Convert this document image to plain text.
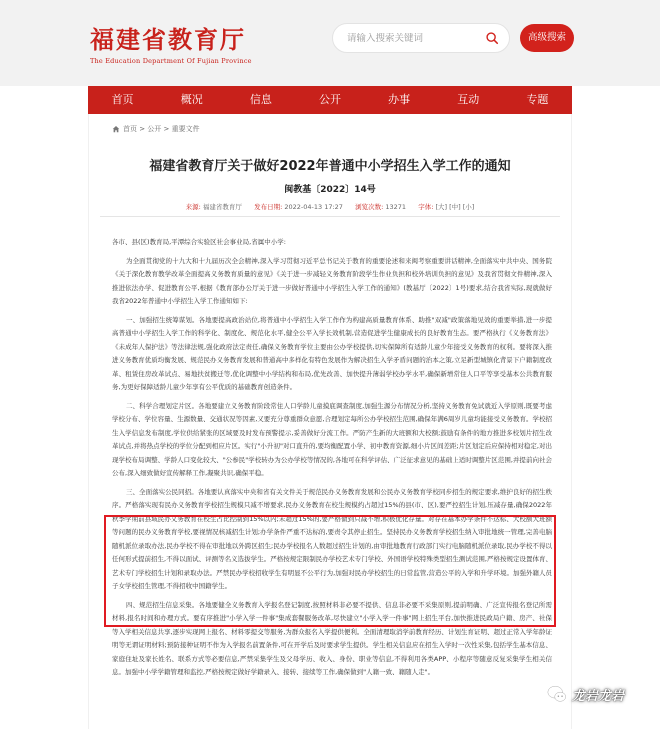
福建省教育厅
The Education Department Of Fujian Province
请输入搜索关键词
高级搜索
首页	概况	信息	公开	办事	互动	专题
首页 > 公开 > 重要文件
福建省教育厅关于做好2022年普通中小学招生入学工作的通知
闽教基〔2022〕14号
来源: 福建省教育厅 发布日期: 2022-04-13 17:27 浏览次数: 13271 字体: [大] [中] [小]

各市、县(区)教育局,平潭综合实验区社会事业局,省属中小学:

为全面贯彻党的十九大和十九届历次全会精神,深入学习贯彻习近平总书记关于教育的重要论述和来闽考察重要讲话精神,全面落实中共中央、国务院《关于深化教育教学改革全面提高义务教育质量的意见》《关于进一步减轻义务教育阶段学生作业负担和校外培训负担的意见》及我省贯彻文件精神,深入推进依法办学、促进教育公平,根据《教育部办公厅关于进一步做好普通中小学招生入学工作的通知》(教基厅〔2022〕1号)要求,结合我省实际,现就做好我省2022年普通中小学招生入学工作通知如下:

一、加强招生统筹谋划。各地要提高政治站位,将普通中小学招生入学工作作为构建高质量教育体系、助推"双减"政策落地见效的重要举措,进一步提高普通中小学招生入学工作的科学化、制度化、规范化水平,健全公平入学长效机制,营造促进学生健康成长的良好教育生态。要严格执行《义务教育法》《未成年人保护法》等法律法规,强化政府法定责任,确保义务教育学位主要由公办学校提供,切实保障所有适龄儿童少年接受义务教育的权利。要将深入推进义务教育优质均衡发展、规范民办义务教育发展和普通高中多样化有特色发展作为解决招生入学矛盾问题的治本之策,立足新型城镇化背景下户籍制度改革、租赁住房改革试点、易地扶贫搬迁等,优化调整中小学结构和布局,优先改善、加快提升薄弱学校办学水平,确保新增常住人口平等享受基本公共教育服务,为更好保障适龄儿童少年享有公平优质的基础教育创造条件。

二、科学合理划定片区。各地要建立义务教育阶段常住人口学龄儿童摸底调查制度,加强生源分布情况分析,坚持义务教育免试就近入学原则,既要考虑学校分布、学位容量、生源数量、交通状况等因素,又要充分尊重群众意愿,合理划定每所公办学校招生范围,确保年满6周岁儿童均能接受义务教育。学校招生入学信息发布制度,学位供给紧张的区域要及时发布预警提示,妥善做好分流工作。严防产生新的大班额和大校额;鼓励有条件的地方推进多校划片招生改革试点,并将热点学校的学位分配到相应片区。实行"小升初"对口直升的,要均衡配置小学、初中教育资源,细小片区间差距;片区划定后应保持相对稳定,对出现学校布局调整、学龄人口变化较大、"公参民"学校转办为公办学校等情况的,各地可在科学评估、广泛征求意见的基础上适时调整片区范围,并提前向社会公布,深入细致做好宣传解释工作,凝聚共识,确保平稳。

三、全面落实公民同招。各地要认真落实中央和省有关文件关于规范民办义务教育发展和公民办义务教育学校同步招生的规定要求,维护良好的招生秩序。严格落实现有民办义务教育学校招生规模只减不增要求,民办义务教育在校生规模约占超过15%的县(市、区),要严控招生计划,压减存量,确保2022年秋季学期前县域民办义务教育在校生占比控制到15%以内;未超过15%的,要严格做到只减不增,积极优化存量。对存在基本办学条件不达标、大校额大班额等问题的民办义务教育学校,要视情况核减招生计划;办学条件严重不达标的,要责令其停止招生。坚持民办义务教育学校招生纳入审批地统一管理,完善电脑随机派位录取办法,民办学校不得在审批地以外跨区招生;民办学校报名人数超过招生计划的,由审批地教育行政部门实行电脑随机派位录取,民办学校不得以任何形式提前招生,不得以面试、评测等名义选拔学生。严格按规定限制民办学校艺术专门学校、外国语学校特殊类型招生测试范围,严格按规定设置体育、艺术专门学校招生计划和录取办法。严禁民办学校招收学生有明显不公平行为,加强对民办学校招生的日常监管,营造公平的入学和升学环境。加强外籍人员子女学校招生管理,不得招收中国籍学生。

四、规范招生信息采集。各地要健全义务教育入学报名登记制度,按照材料非必要不提供、信息非必要不采集原则,提前明确、广泛宣传报名登记所需材料,报名时间和办理方式。要有序推进"小学入学一件事"集成套餐服务改革,尽快建立"小学入学一件事"网上招生平台,加快推进民政局户籍、房产、社保等入学相关信息共享,逐步实现网上报名、材料零提交等服务,为群众报名入学提供便利。全面清理取消学前教育经历、计划生育证明、超过正常入学年龄证明等无谓证明材料;预防接种证明不作为入学报名前置条件,可在开学后及时要求学生提供。学生相关信息应在招生入学时一次性采集,包括学生基本信息、家庭住址及家长姓名、联系方式等必要信息,严禁采集学生及父母学历、收入、身份、职业等信息,不得利用各类APP、小程序等随意反复采集学生相关信息。加强中小学学籍管理和监控,严格按规定做好学籍录入、接转、接续等工作,确保做到"人籍一致、籍随人走"。

龙岩龙岩
